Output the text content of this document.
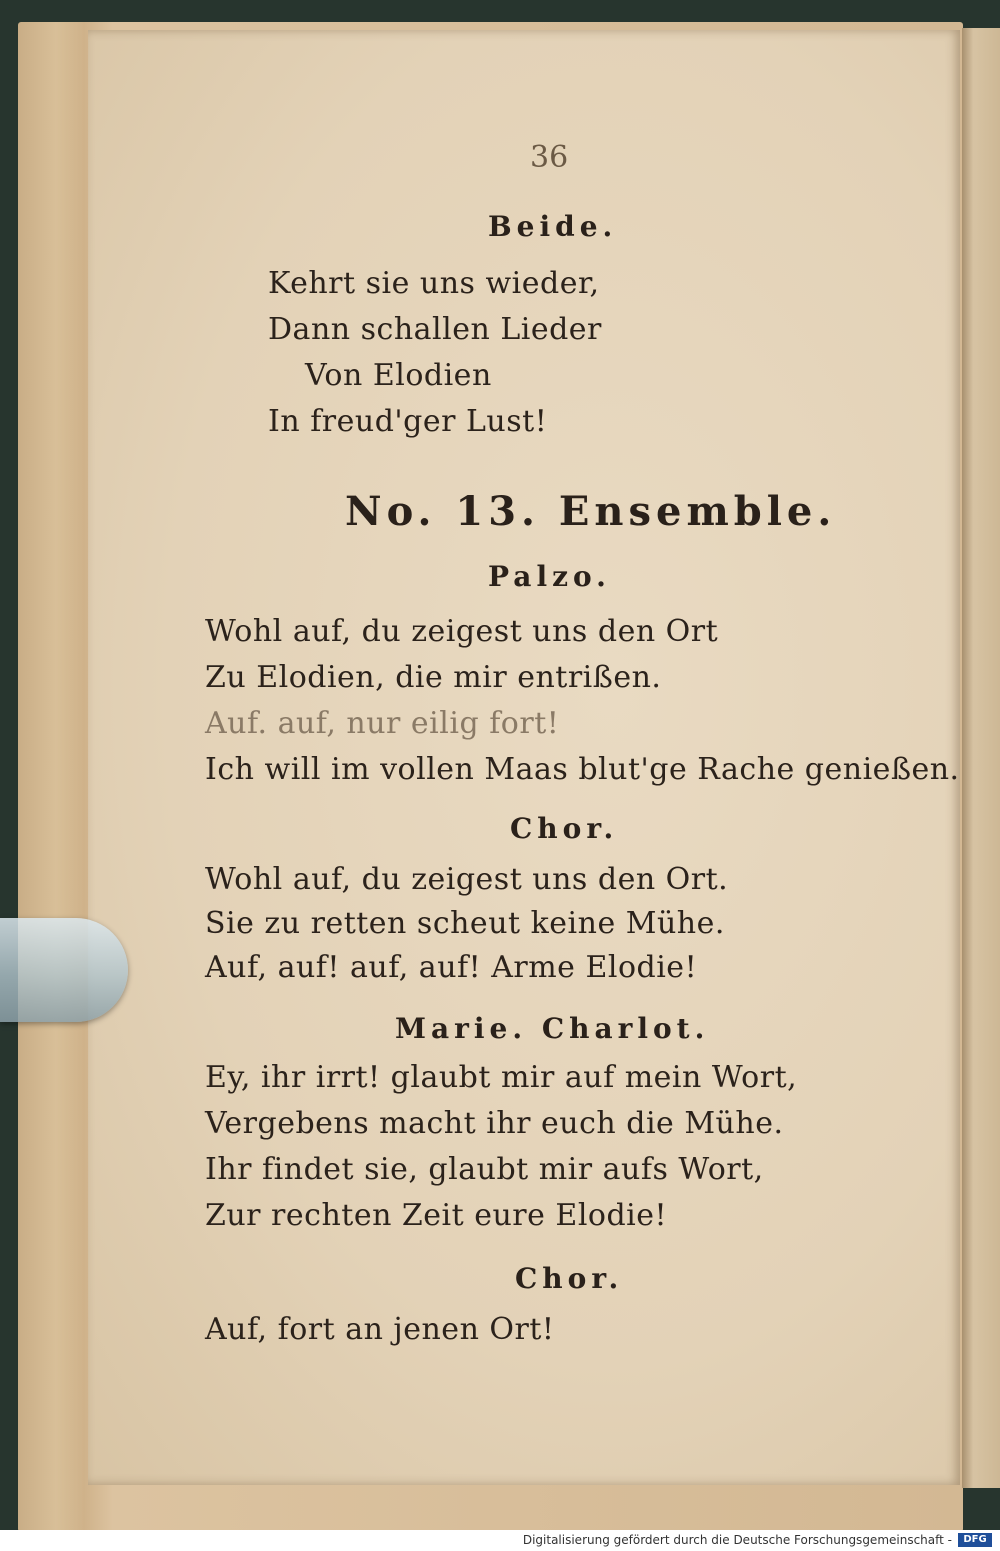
36
Beide.
Kehrt sie uns wieder,
Dann schallen Lieder
Von Elodien
In freud'ger Lust!
No. 13. Ensemble.
Palzo.
Wohl auf, du zeigest uns den Ort
Zu Elodien, die mir entrißen.
Auf. auf, nur eilig fort!
Ich will im vollen Maas blut'ge Rache genießen.
Chor.
Wohl auf, du zeigest uns den Ort.
Sie zu retten scheut keine Mühe.
Auf, auf! auf, auf! Arme Elodie!
Marie. Charlot.
Ey, ihr irrt! glaubt mir auf mein Wort,
Vergebens macht ihr euch die Mühe.
Ihr findet sie, glaubt mir aufs Wort,
Zur rechten Zeit eure Elodie!
Chor.
Auf, fort an jenen Ort!
Digitalisierung gefördert durch die Deutsche Forschungsgemeinschaft -	DFG
